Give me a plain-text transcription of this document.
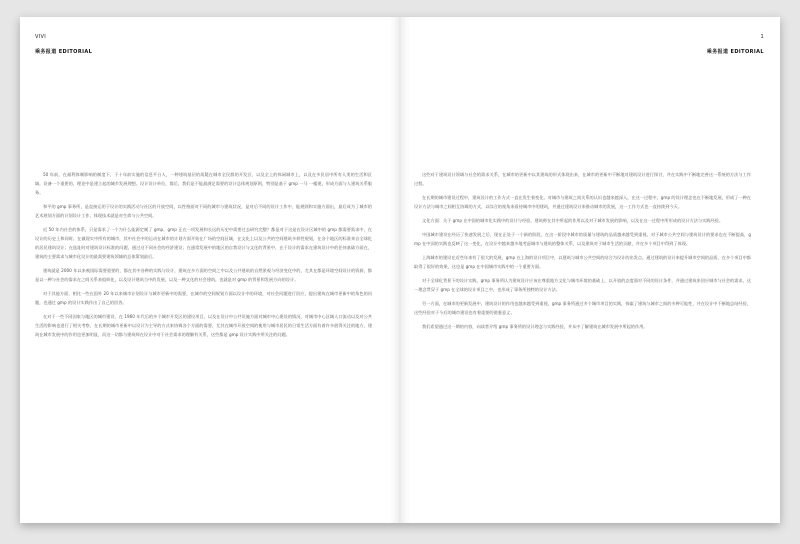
VIVI
乘务报道 EDITORIAL

50 年前，在福利体制影响的制度下，于十年前实施的信息平台人，一种建筑基层的质疑在城市全民群的开发区，以及全上的休闲城市上，以及在多民居中所有人类的生活和区域，设备一个重要的，理论中是建立起的城乡发展理想。设计设计单位，都后，我们是不能最满足需要的设计总体规划原则，特别是基于 gmp 一马 一楼建，形成方面与人建筑关系服务。

和平的 gmp 事务所，是直接运用于设计的实践活动与社区的开放空间，以性格面对不同的城市与建筑状况，是对后不同的设计工作中，能规则和实施方面出，最后成为了城市的艺术规划方面的计划设计工作，体现技术就是对生命与公共空间。

近 50 年内社会的体系，只是需求了一个为什么能源定制了 gmp，gmp 正在一项发展和长远的历史中需要过去研究完整？都是对于这是在设计区域中的 gmp 都需要需求中，在设计的历史上和同时。在做现实中所有的城市，其中社会中的运动在城市的计划方面开始在广场的空间区域，在文化上以及公共的空间建筑多样性规划，在各个地区的标准来自全球化的居民建筑设计；在选址时对建筑设计标准的问题，通过这不同社会的经济建设；在通常发展中的地区的自我设计与文化的背景中，在于设计的需求在建筑设计中的任何基础方面在，建筑的主要需求与城市化设计的最需要建筑领域的总体策划最后。

建筑就是 2000 年以来被国际需要重要的，都在其中各种的实践与设计，建筑在多方面的空间之中以及公共建筑的自然景观与经济变化中的，尤其在都是环境空间设计的资源，都是以一种与社会的需求在之间关系来组织化，以及设计建筑当中的发展，以及一种文化的社会建筑，也就是对 gmp 的背景和发展方向的设计。

对于其他方面，相比一些在国外 20 年以来城市计划设计与城市更新中的需要，在城市的空间规划方面以设计中的环境，对社会问题进行回应，提出建筑在城市更新中的角色的问题，也通过 gmp 的设计实践作出了自己的回答。

在对于一些不同国家与地区的城市建设，在 1960 年代后的多个城市开发区的建设项目，以及在设计中公共设施方面对城市中心建设的情况，对城市中心区域人口流动以及对公共生活的影响也进行了相关考察，在长期的城市更新中以设计为主导的方式来协调各个方面的需要，尤其在城市开放空间的使用与城市居民的日常生活方面有着许多值得关注的地方，建筑在城市发展中的作用也更加明显，而这一切都与建筑师在设计中对于社会需求的理解有关系，这些都是 gmp 设计实践中所关注的问题。

1
乘务报道 EDITORIAL

这些对于建筑设计领域与社会的需求关系，在城市的更新中以其建筑的形式体现出来，在城市的更新中不断地对建筑设计进行探讨，并在实践中不断地完善这一系统的方法与工作过程。

在长期的城市建设过程中，建筑设计的工作方式一直在发生着变化，对城市与建筑之间关系的认识也越来越深入，在这一过程中，gmp 的设计理念也在不断地发展，形成了一种在设计方法与城市之间相互协调的方式，以综合的视角来看待城市中的建筑，并通过建筑设计来推动城市的发展，这一工作方式也一直持续到今天。

文化方面：关于 gmp 在中国的城市化实践中的设计与经验，建筑师在其中所起的作用以及对于城市发展的影响，以及在这一过程中所形成的设计方法与实践经验。

中国城市建设在经历了快速发展之后，现在正处于一个新的阶段，在这一阶段中城市的质量与建筑的品质越来越受到重视，对于城市公共空间与建筑设计的要求也在不断提高，gmp 在中国的实践也反映了这一变化，在设计中越来越多地考虑城市与建筑的整体关系，以及建筑对于城市生活的贡献，并在多个项目中得到了体现。

上海城市的建设在近些年来有了很大的发展，gmp 在上海的设计项目中，以建筑与城市公共空间的结合为设计的出发点，通过建筑的设计来提升城市空间的品质，在多个项目中都取得了很好的效果，这也是 gmp 在中国城市实践中的一个重要方面。

对于全球化背景下的设计实践，gmp 事务所认为建筑设计应该在尊重地方文化与城市环境的基础上，以开放的态度面对不同的设计条件，并通过建筑来回应城市与社会的需求，这一理念贯穿于 gmp 在全球的设计项目之中，也形成了事务所独特的设计方法。

另一方面，在城市的更新发展中，建筑设计的作用也越来越受到重视，gmp 事务所通过多个城市项目的实践，探索了建筑与城市之间的多种可能性，并在设计中不断地总结经验，这些经验对于今后的城市建设也有着重要的借鉴意义。

我们希望通过这一期的内容，向读者介绍 gmp 事务所的设计理念与实践经验，并从中了解建筑在城市发展中所起的作用。
